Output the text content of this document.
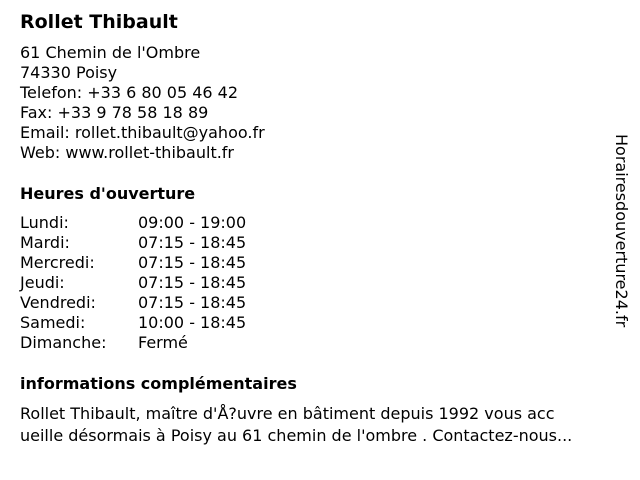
Rollet Thibault
61 Chemin de l'Ombre
74330 Poisy
Telefon: +33 6 80 05 46 42
Fax: +33 9 78 58 18 89
Email: rollet.thibault@yahoo.fr
Web: www.rollet-thibault.fr
Heures d'ouverture
Lundi:	09:00 - 19:00
Mardi:	07:15 - 18:45
Mercredi:	07:15 - 18:45
Jeudi:	07:15 - 18:45
Vendredi:	07:15 - 18:45
Samedi:	10:00 - 18:45
Dimanche:	Fermé
informations complémentaires
Rollet Thibault, maître d'Å?uvre en bâtiment depuis 1992 vous acc
ueille désormais à Poisy au 61 chemin de l'ombre . Contactez-nous...
Horairesdouverture24.fr
